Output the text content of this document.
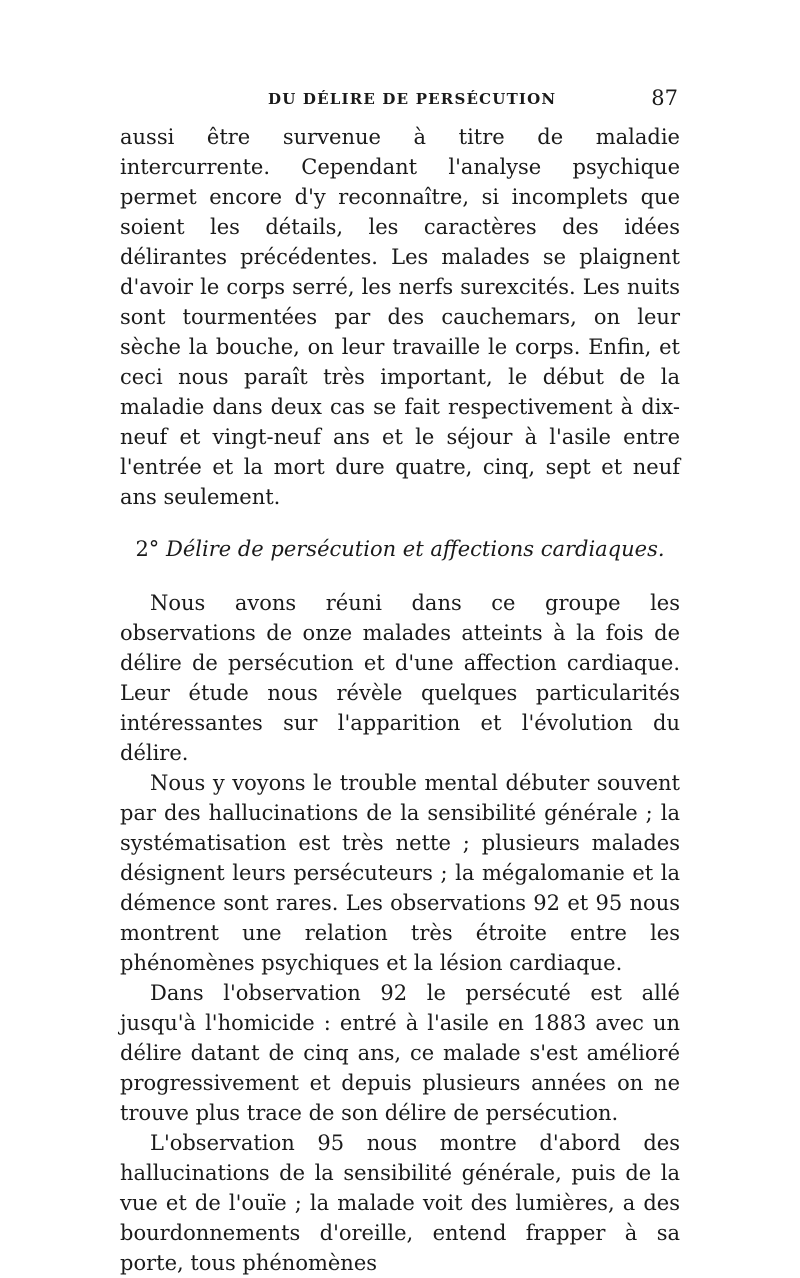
DU DÉLIRE DE PERSÉCUTION	87

aussi être survenue à titre de maladie intercurrente. Cependant l'analyse psychique permet encore d'y reconnaître, si incomplets que soient les détails, les caractères des idées délirantes précédentes. Les malades se plaignent d'avoir le corps serré, les nerfs surexcités. Les nuits sont tourmentées par des cauchemars, on leur sèche la bouche, on leur travaille le corps. Enfin, et ceci nous paraît très important, le début de la maladie dans deux cas se fait respectivement à dix-neuf et vingt-neuf ans et le séjour à l'asile entre l'entrée et la mort dure quatre, cinq, sept et neuf ans seulement.

2° Délire de persécution et affections cardiaques.

Nous avons réuni dans ce groupe les observations de onze malades atteints à la fois de délire de persécution et d'une affection cardiaque. Leur étude nous révèle quelques particularités intéressantes sur l'apparition et l'évolution du délire.

Nous y voyons le trouble mental débuter souvent par des hallucinations de la sensibilité générale ; la systématisation est très nette ; plusieurs malades désignent leurs persécuteurs ; la mégalomanie et la démence sont rares. Les observations 92 et 95 nous montrent une relation très étroite entre les phénomènes psychiques et la lésion cardiaque.

Dans l'observation 92 le persécuté est allé jusqu'à l'homicide : entré à l'asile en 1883 avec un délire datant de cinq ans, ce malade s'est amélioré progressivement et depuis plusieurs années on ne trouve plus trace de son délire de persécution.

L'observation 95 nous montre d'abord des hallucinations de la sensibilité générale, puis de la vue et de l'ouïe ; la malade voit des lumières, a des bourdonnements d'oreille, entend frapper à sa porte, tous phénomènes
